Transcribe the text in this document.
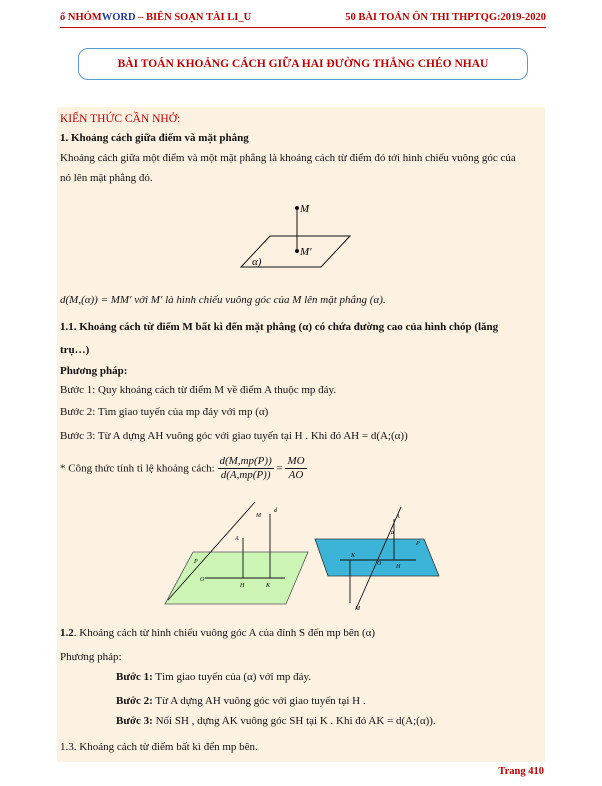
ố NHÓMWORD – BIÊN SOẠN TÀI LI_U	50 BÀI TOÁN ÔN THI THPTQG:2019-2020
BÀI TOÁN KHOẢNG CÁCH GIỮA HAI ĐƯỜNG THẲNG CHÉO NHAU
KIẾN THỨC CẦN NHỞ:
1. Khoảng cách giữa điểm và mặt phẳng
Khoảng cách giữa một điểm và một mặt phẳng là khoảng cách từ điểm đó tới hình chiếu vuông góc của
nó lên mặt phẳng đó.
M
M′
α)
d(M,(α)) = MM′ với M′ là hình chiếu vuông góc của M lên mặt phẳng (α).
1.1. Khoảng cách từ điểm M bất kì đến mặt phẳng (α) có chứa đường cao của hình chóp (lăng
trụ…)
Phương pháp:
Bước 1: Quy khoảng cách từ điểm M về điểm A thuộc mp đáy.
Bước 2: Tìm giao tuyến của mp đáy với mp (α)
Bước 3: Từ A dựng AH vuông góc với giao tuyến tại H . Khi đó AH = d(A;(α))
* Công thức tính tỉ lệ khoảng cách: $\frac{d(M,mp(P))}{d(A,mp(P))} = \frac{MO}{AO}$
M
d
A
O
H	K
P
A
a
K
O H
M
P
1.2. Khoảng cách từ hình chiếu vuông góc A của đỉnh S đến mp bên (α)
Phương pháp:
Bước 1: Tìm giao tuyến của (α) với mp đáy.
Bước 2: Từ A dựng AH vuông góc với giao tuyến tại H .
Bước 3: Nối SH , dựng AK vuông góc SH tại K . Khi đó AK = d(A;(α)).
1.3. Khoảng cách từ điểm bất kì đến mp bên.
Trang 410
